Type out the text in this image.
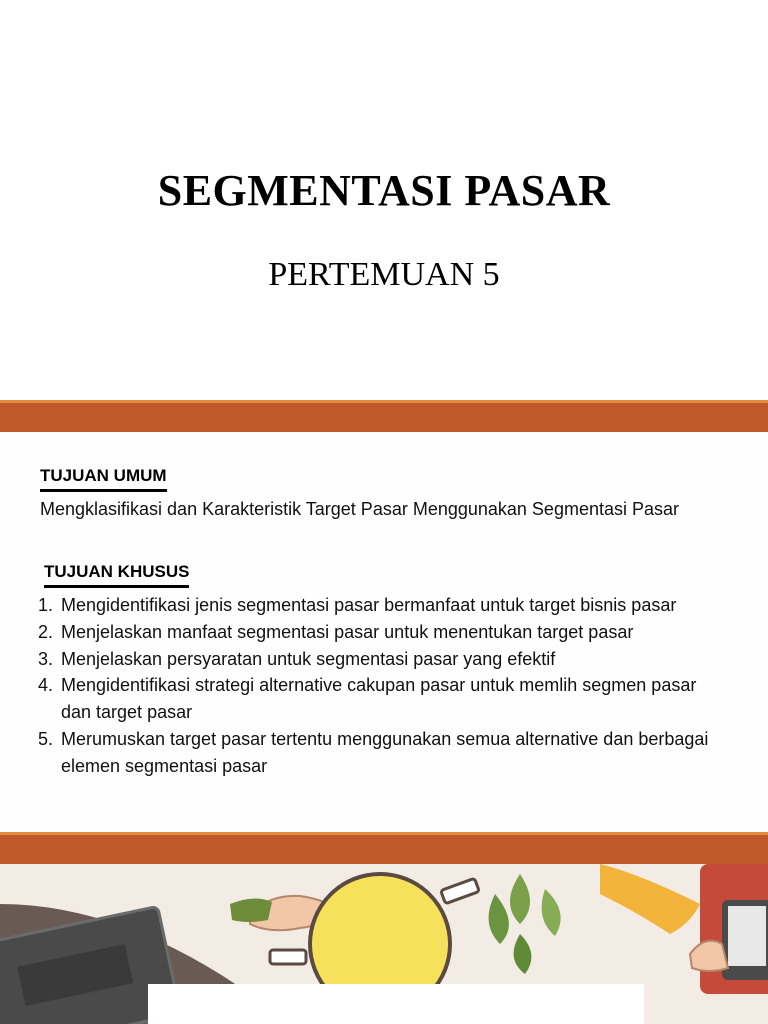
SEGMENTASI PASAR
PERTEMUAN 5
TUJUAN UMUM
Mengklasifikasi dan Karakteristik Target Pasar Menggunakan Segmentasi Pasar
TUJUAN KHUSUS
1. Mengidentifikasi jenis segmentasi pasar bermanfaat untuk target bisnis pasar
2. Menjelaskan manfaat segmentasi pasar untuk menentukan target pasar
3. Menjelaskan persyaratan untuk segmentasi pasar yang efektif
4. Mengidentifikasi strategi alternative cakupan pasar untuk memlih segmen pasar dan target pasar
5. Merumuskan target pasar tertentu menggunakan semua alternative dan berbagai elemen segmentasi pasar
